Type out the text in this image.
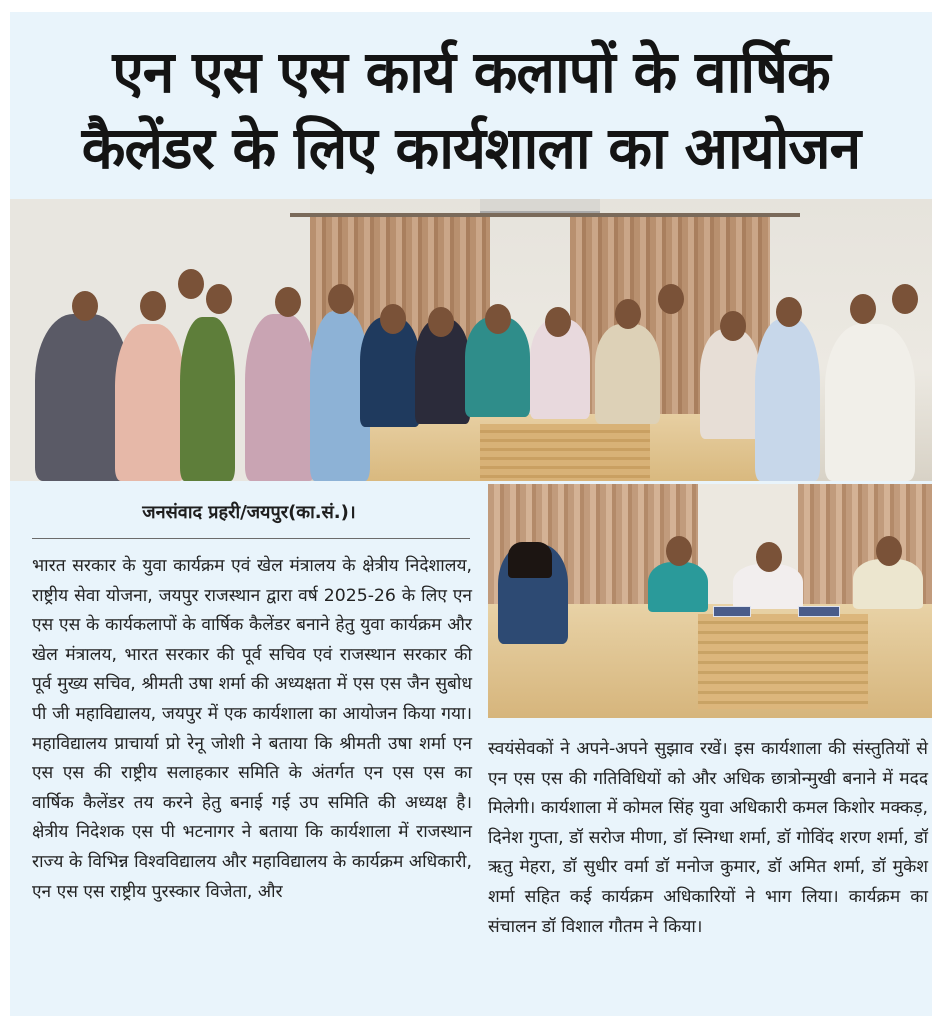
एन एस एस कार्य कलापों के वार्षिक
कैलेंडर के लिए कार्यशाला का आयोजन
जनसंवाद प्रहरी/जयपुर(का.सं.)।

भारत सरकार के युवा कार्यक्रम एवं खेल मंत्रालय के क्षेत्रीय निदेशालय, राष्ट्रीय सेवा योजना, जयपुर राजस्थान द्वारा वर्ष 2025-26 के लिए एन एस एस के कार्यकलापों के वार्षिक कैलेंडर बनाने हेतु युवा कार्यक्रम और खेल मंत्रालय, भारत सरकार की पूर्व सचिव एवं राजस्थान सरकार की पूर्व मुख्य सचिव, श्रीमती उषा शर्मा की अध्यक्षता में एस एस जैन सुबोध पी जी महाविद्यालय, जयपुर में एक कार्यशाला का आयोजन किया गया। महाविद्यालय प्राचार्या प्रो रेनू जोशी ने बताया कि श्रीमती उषा शर्मा एन एस एस की राष्ट्रीय सलाहकार समिति के अंतर्गत एन एस एस का वार्षिक कैलेंडर तय करने हेतु बनाई गई उप समिति की अध्यक्ष है। क्षेत्रीय निदेशक एस पी भटनागर ने बताया कि कार्यशाला में राजस्थान राज्य के विभिन्न विश्वविद्यालय और महाविद्यालय के कार्यक्रम अधिकारी, एन एस एस राष्ट्रीय पुरस्कार विजेता, और

स्वयंसेवकों ने अपने-अपने सुझाव रखें। इस कार्यशाला की संस्तुतियों से एन एस एस की गतिविधियों को और अधिक छात्रोन्मुखी बनाने में मदद मिलेगी। कार्यशाला में कोमल सिंह युवा अधिकारी कमल किशोर मक्कड़, दिनेश गुप्ता, डॉ सरोज मीणा, डॉ स्निग्धा शर्मा, डॉ गोविंद शरण शर्मा, डॉ ऋतु मेहरा, डॉ सुधीर वर्मा डॉ मनोज कुमार, डॉ अमित शर्मा, डॉ मुकेश शर्मा सहित कई कार्यक्रम अधिकारियों ने भाग लिया। कार्यक्रम का संचालन डॉ विशाल गौतम ने किया।
